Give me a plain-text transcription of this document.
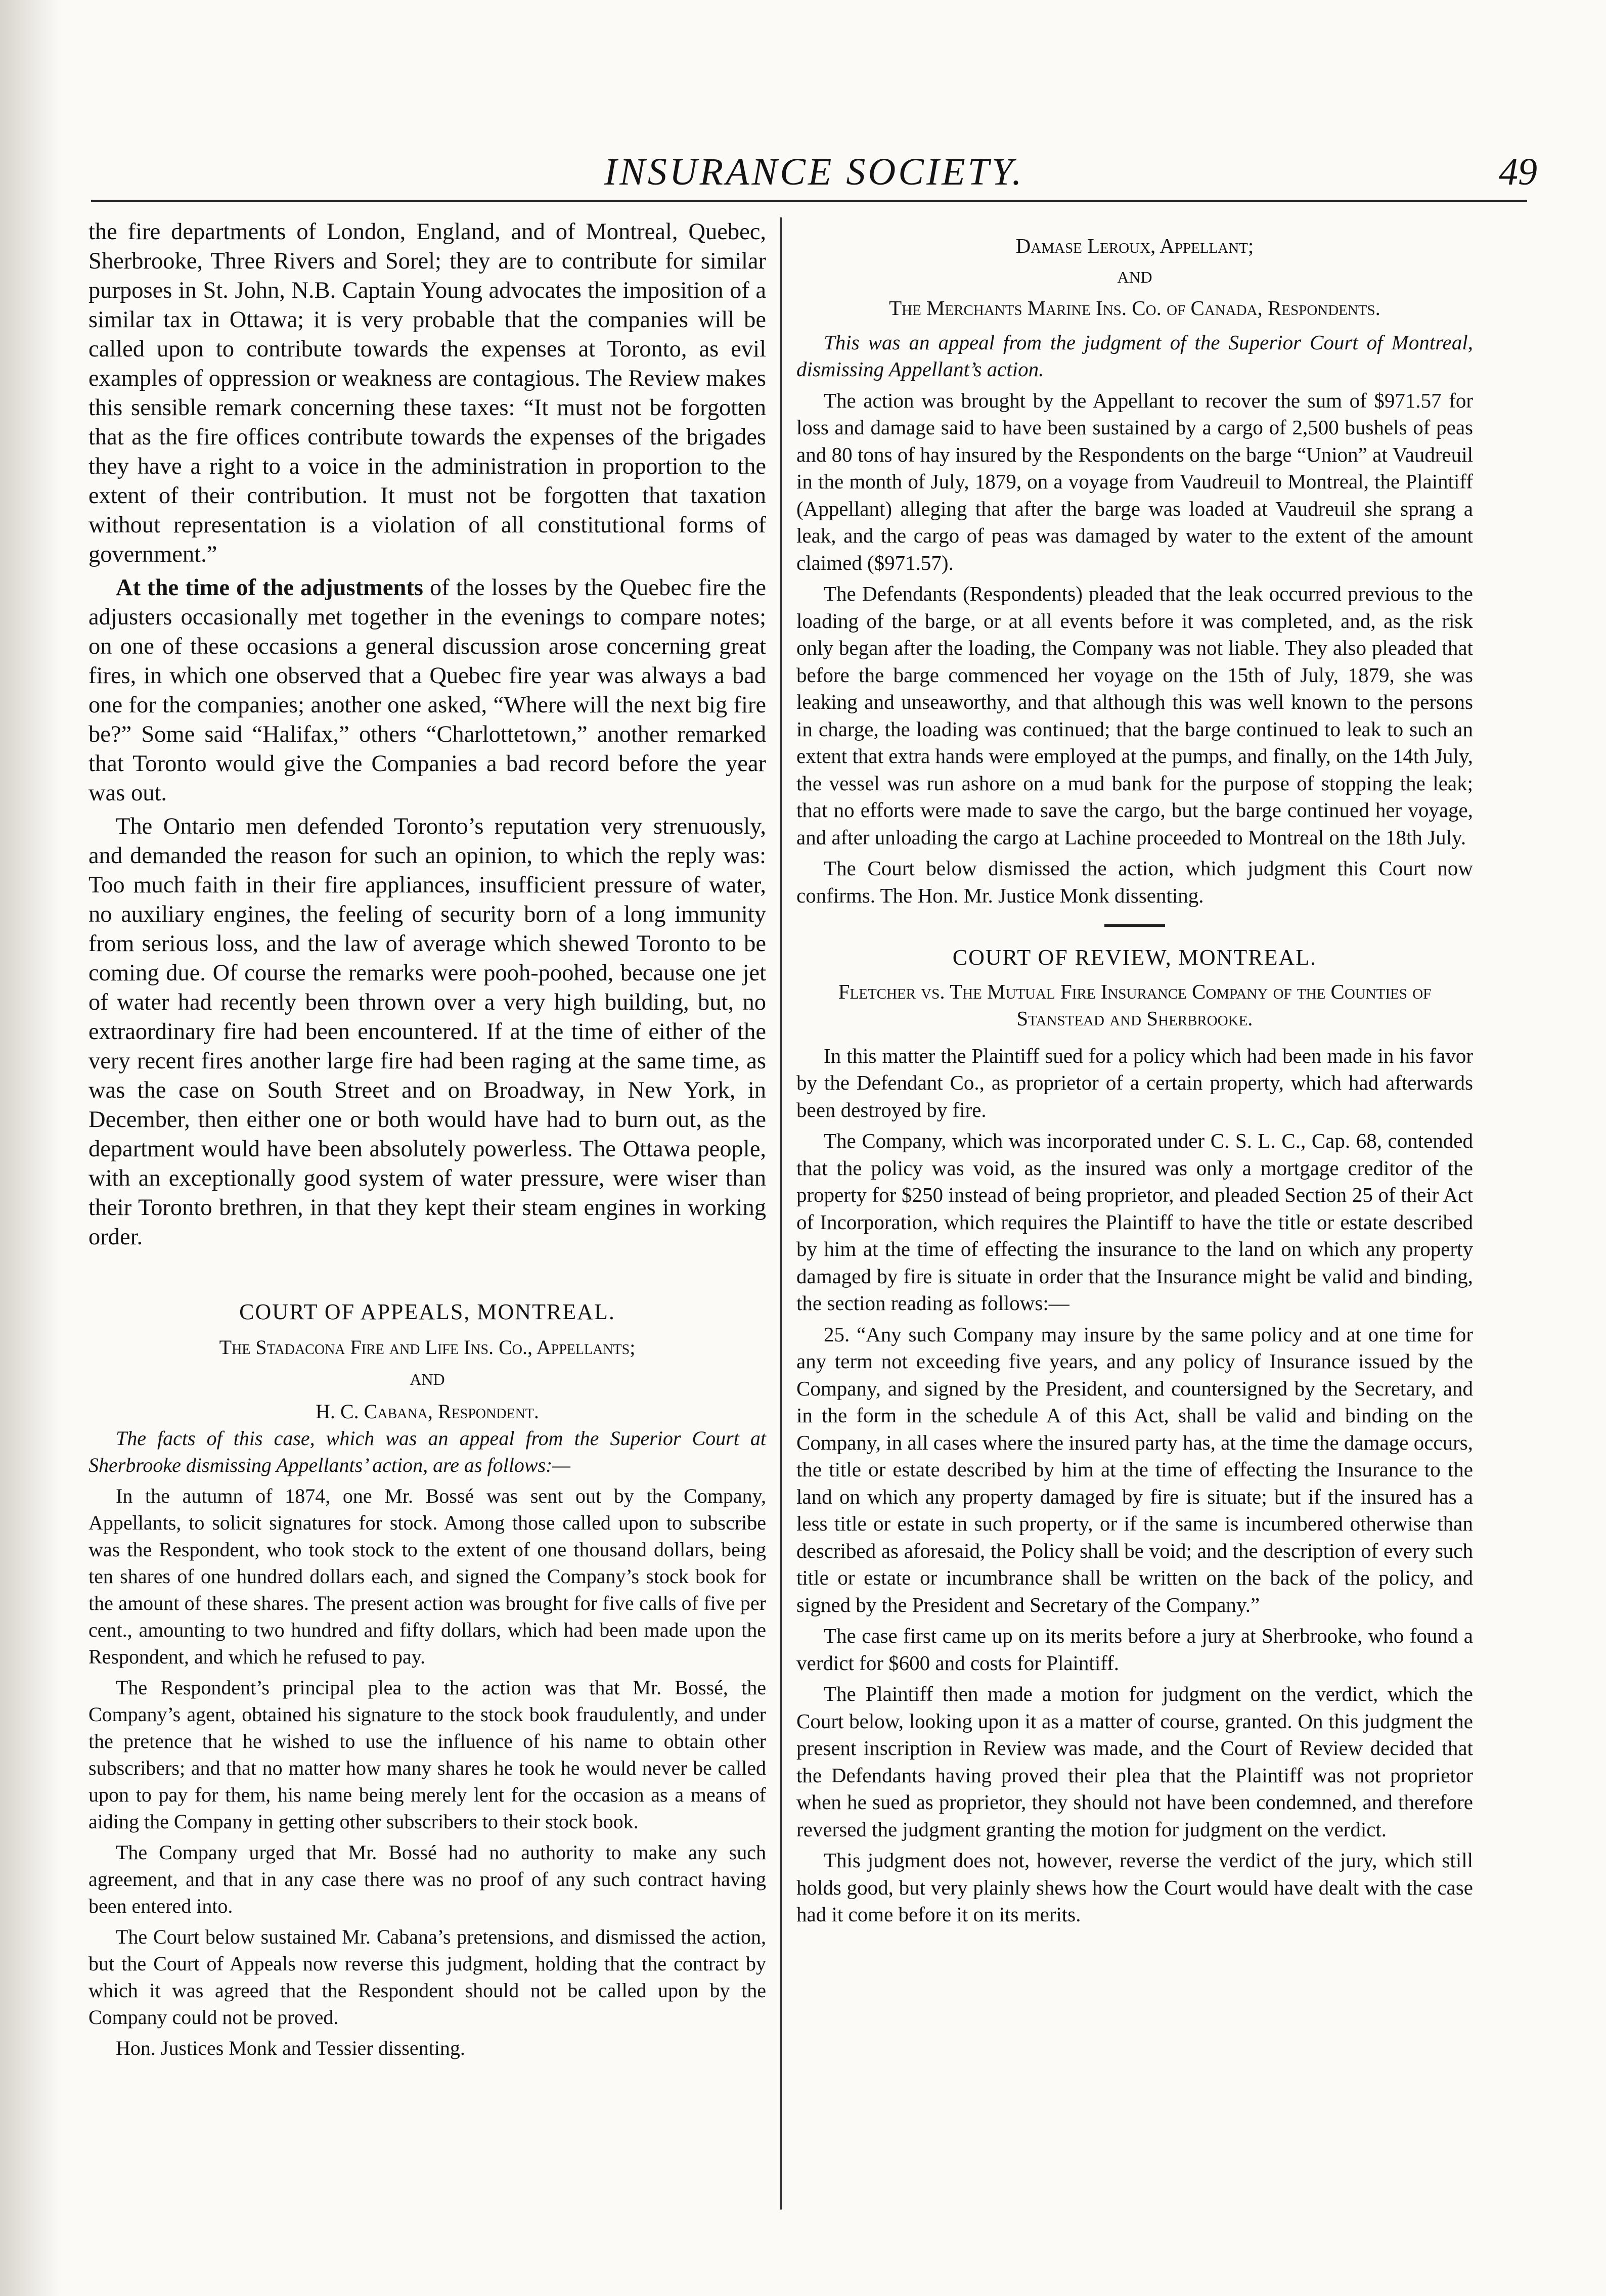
INSURANCE SOCIETY.	49

the fire departments of London, England, and of Montreal, Quebec, Sherbrooke, Three Rivers and Sorel; they are to contribute for similar purposes in St. John, N.B. Captain Young advocates the imposition of a similar tax in Ottawa; it is very probable that the companies will be called upon to contribute towards the expenses at Toronto, as evil examples of oppression or weakness are contagious. The Review makes this sensible remark concerning these taxes: “It must not be forgotten that as the fire offices contribute towards the expenses of the brigades they have a right to a voice in the administration in proportion to the extent of their contribution. It must not be forgotten that taxation without representation is a violation of all constitutional forms of government.”

At the time of the adjustments of the losses by the Quebec fire the adjusters occasionally met together in the evenings to compare notes; on one of these occasions a general discussion arose concerning great fires, in which one observed that a Quebec fire year was always a bad one for the companies; another one asked, “Where will the next big fire be?” Some said “Halifax,” others “Charlottetown,” another remarked that Toronto would give the Companies a bad record before the year was out.

The Ontario men defended Toronto’s reputation very strenuously, and demanded the reason for such an opinion, to which the reply was: Too much faith in their fire appliances, insufficient pressure of water, no auxiliary engines, the feeling of security born of a long immunity from serious loss, and the law of average which shewed Toronto to be coming due. Of course the remarks were pooh-poohed, because one jet of water had recently been thrown over a very high building, but, no extraordinary fire had been encountered. If at the time of either of the very recent fires another large fire had been raging at the same time, as was the case on South Street and on Broadway, in New York, in December, then either one or both would have had to burn out, as the department would have been absolutely powerless. The Ottawa people, with an exceptionally good system of water pressure, were wiser than their Toronto brethren, in that they kept their steam engines in working order.

COURT OF APPEALS, MONTREAL.
The Stadacona Fire and Life Ins. Co., Appellants;
AND
H. C. Cabana, Respondent.

The facts of this case, which was an appeal from the Superior Court at Sherbrooke dismissing Appellants’ action, are as follows:—

In the autumn of 1874, one Mr. Bossé was sent out by the Company, Appellants, to solicit signatures for stock. Among those called upon to subscribe was the Respondent, who took stock to the extent of one thousand dollars, being ten shares of one hundred dollars each, and signed the Company’s stock book for the amount of these shares. The present action was brought for five calls of five per cent., amounting to two hundred and fifty dollars, which had been made upon the Respondent, and which he refused to pay.

The Respondent’s principal plea to the action was that Mr. Bossé, the Company’s agent, obtained his signature to the stock book fraudulently, and under the pretence that he wished to use the influence of his name to obtain other subscribers; and that no matter how many shares he took he would never be called upon to pay for them, his name being merely lent for the occasion as a means of aiding the Company in getting other subscribers to their stock book.

The Company urged that Mr. Bossé had no authority to make any such agreement, and that in any case there was no proof of any such contract having been entered into.

The Court below sustained Mr. Cabana’s pretensions, and dismissed the action, but the Court of Appeals now reverse this judgment, holding that the contract by which it was agreed that the Respondent should not be called upon by the Company could not be proved.

Hon. Justices Monk and Tessier dissenting.

Damase Leroux, Appellant;
AND
The Merchants Marine Ins. Co. of Canada, Respondents.

This was an appeal from the judgment of the Superior Court of Montreal, dismissing Appellant’s action.

The action was brought by the Appellant to recover the sum of $971.57 for loss and damage said to have been sustained by a cargo of 2,500 bushels of peas and 80 tons of hay insured by the Respondents on the barge “Union” at Vaudreuil in the month of July, 1879, on a voyage from Vaudreuil to Montreal, the Plaintiff (Appellant) alleging that after the barge was loaded at Vaudreuil she sprang a leak, and the cargo of peas was damaged by water to the extent of the amount claimed ($971.57).

The Defendants (Respondents) pleaded that the leak occurred previous to the loading of the barge, or at all events before it was completed, and, as the risk only began after the loading, the Company was not liable. They also pleaded that before the barge commenced her voyage on the 15th of July, 1879, she was leaking and unseaworthy, and that although this was well known to the persons in charge, the loading was continued; that the barge continued to leak to such an extent that extra hands were employed at the pumps, and finally, on the 14th July, the vessel was run ashore on a mud bank for the purpose of stopping the leak; that no efforts were made to save the cargo, but the barge continued her voyage, and after unloading the cargo at Lachine proceeded to Montreal on the 18th July.

The Court below dismissed the action, which judgment this Court now confirms. The Hon. Mr. Justice Monk dissenting.

COURT OF REVIEW, MONTREAL.
Fletcher vs. The Mutual Fire Insurance Company of the Counties of Stanstead and Sherbrooke.

In this matter the Plaintiff sued for a policy which had been made in his favor by the Defendant Co., as proprietor of a certain property, which had afterwards been destroyed by fire.

The Company, which was incorporated under C. S. L. C., Cap. 68, contended that the policy was void, as the insured was only a mortgage creditor of the property for $250 instead of being proprietor, and pleaded Section 25 of their Act of Incorporation, which requires the Plaintiff to have the title or estate described by him at the time of effecting the insurance to the land on which any property damaged by fire is situate in order that the Insurance might be valid and binding, the section reading as follows:—

25. “Any such Company may insure by the same policy and at one time for any term not exceeding five years, and any policy of Insurance issued by the Company, and signed by the President, and countersigned by the Secretary, and in the form in the schedule A of this Act, shall be valid and binding on the Company, in all cases where the insured party has, at the time the damage occurs, the title or estate described by him at the time of effecting the Insurance to the land on which any property damaged by fire is situate; but if the insured has a less title or estate in such property, or if the same is incumbered otherwise than described as aforesaid, the Policy shall be void; and the description of every such title or estate or incumbrance shall be written on the back of the policy, and signed by the President and Secretary of the Company.”

The case first came up on its merits before a jury at Sherbrooke, who found a verdict for $600 and costs for Plaintiff.

The Plaintiff then made a motion for judgment on the verdict, which the Court below, looking upon it as a matter of course, granted. On this judgment the present inscription in Review was made, and the Court of Review decided that the Defendants having proved their plea that the Plaintiff was not proprietor when he sued as proprietor, they should not have been condemned, and therefore reversed the judgment granting the motion for judgment on the verdict.

This judgment does not, however, reverse the verdict of the jury, which still holds good, but very plainly shews how the Court would have dealt with the case had it come before it on its merits.
